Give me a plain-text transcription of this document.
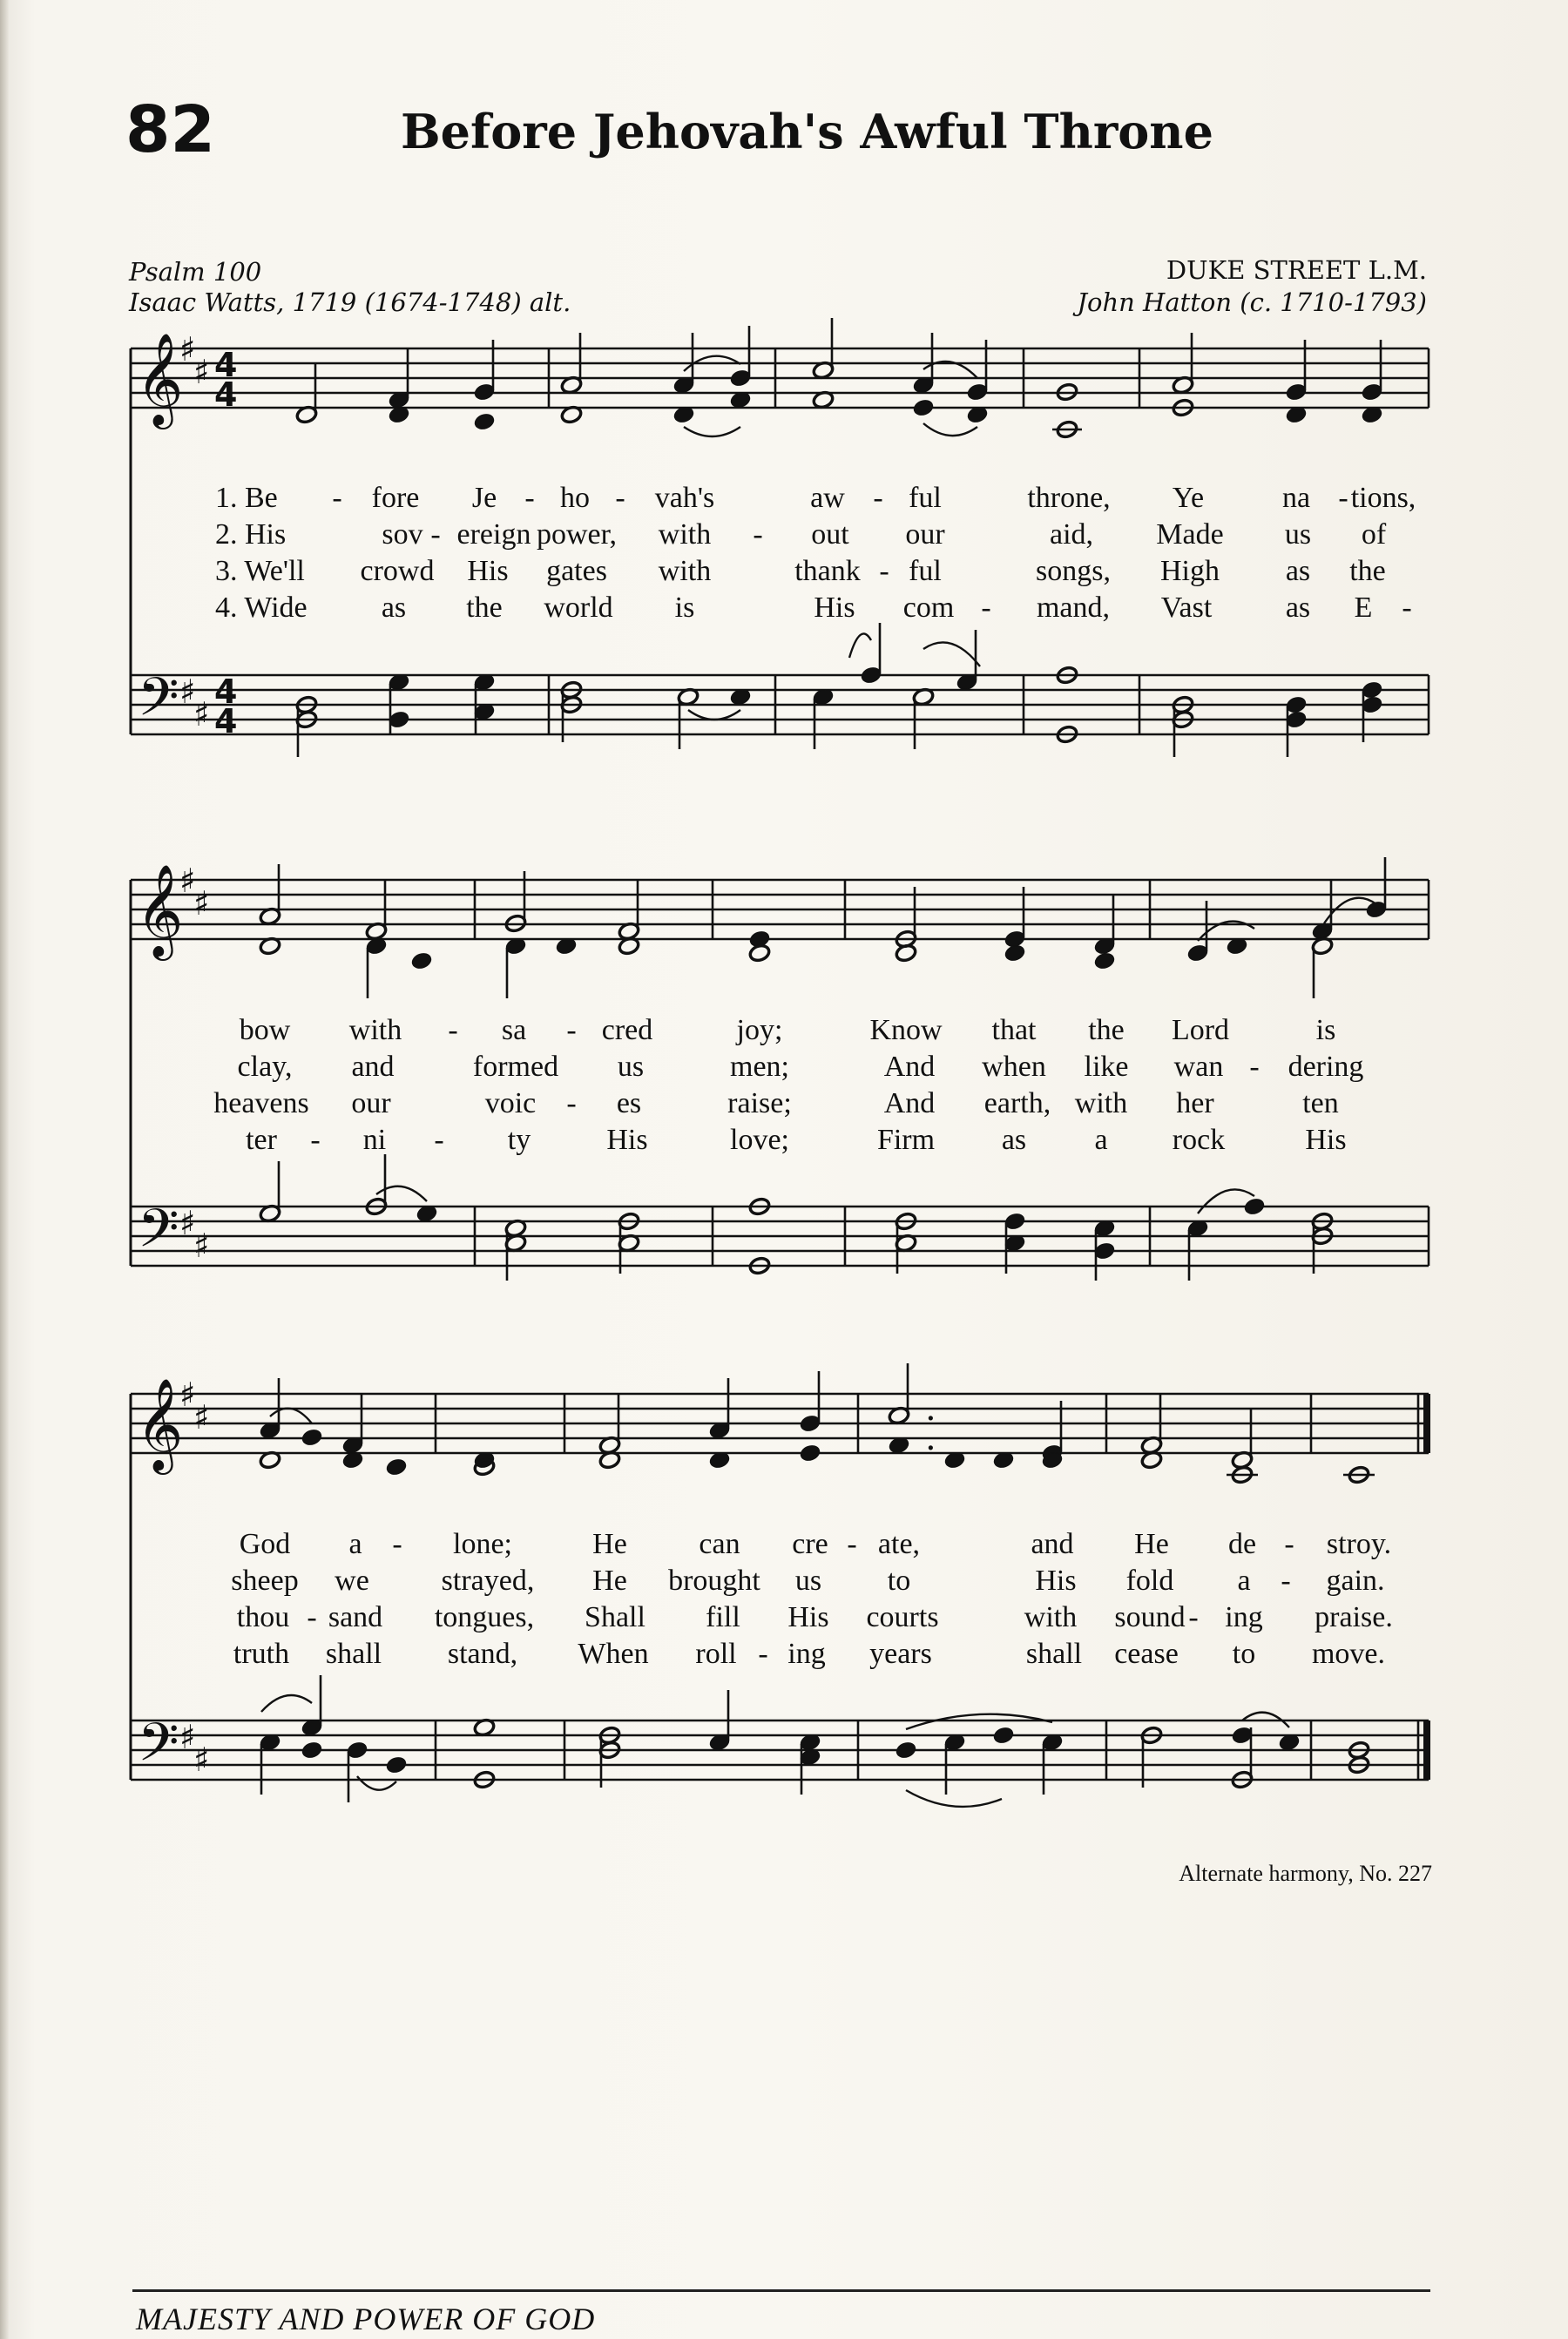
82	Before Jehovah's Awful Throne
Psalm 100
Isaac Watts, 1719 (1674-1748) alt.
DUKE STREET L.M.
John Hatton (c. 1710-1793)
𝄞
𝄢
♯
♯
♯
♯
4
4
4
4
𝄞
𝄢
♯
♯
♯
♯
𝄞
𝄢
♯
♯
♯
♯
.
.
1. Be	fore Je ho vah's	aw ful	throne, Ye	na tions,
2. His	sov ereign power, with	out our	aid, Made us of
3. We'll crowd His gates with	thank ful	songs, High as the
4. Wide	as the world is	His com	mand, Vast as E
-	-	-	-	-
-
-
-
-	-
bow with	sa	cred	joy;	Know that the Lord	is
clay, and	formed us	men;	And when like wan dering
heavens our	voic	es	raise;	And earth, with her	ten
ter	ni	ty	His	love;	Firm as a rock	His
-	-
-
-
-	-
God a	lone;	He can cre ate,	and He de stroy.
sheep we strayed, He brought us to	His fold a	gain.
thou sand tongues, Shall fill His courts	with sound ing praise.
truth shall stand, When roll ing years	shall cease to move.
-	-	-
-
-	-
-
Alternate harmony, No. 227
MAJESTY AND POWER OF GOD
